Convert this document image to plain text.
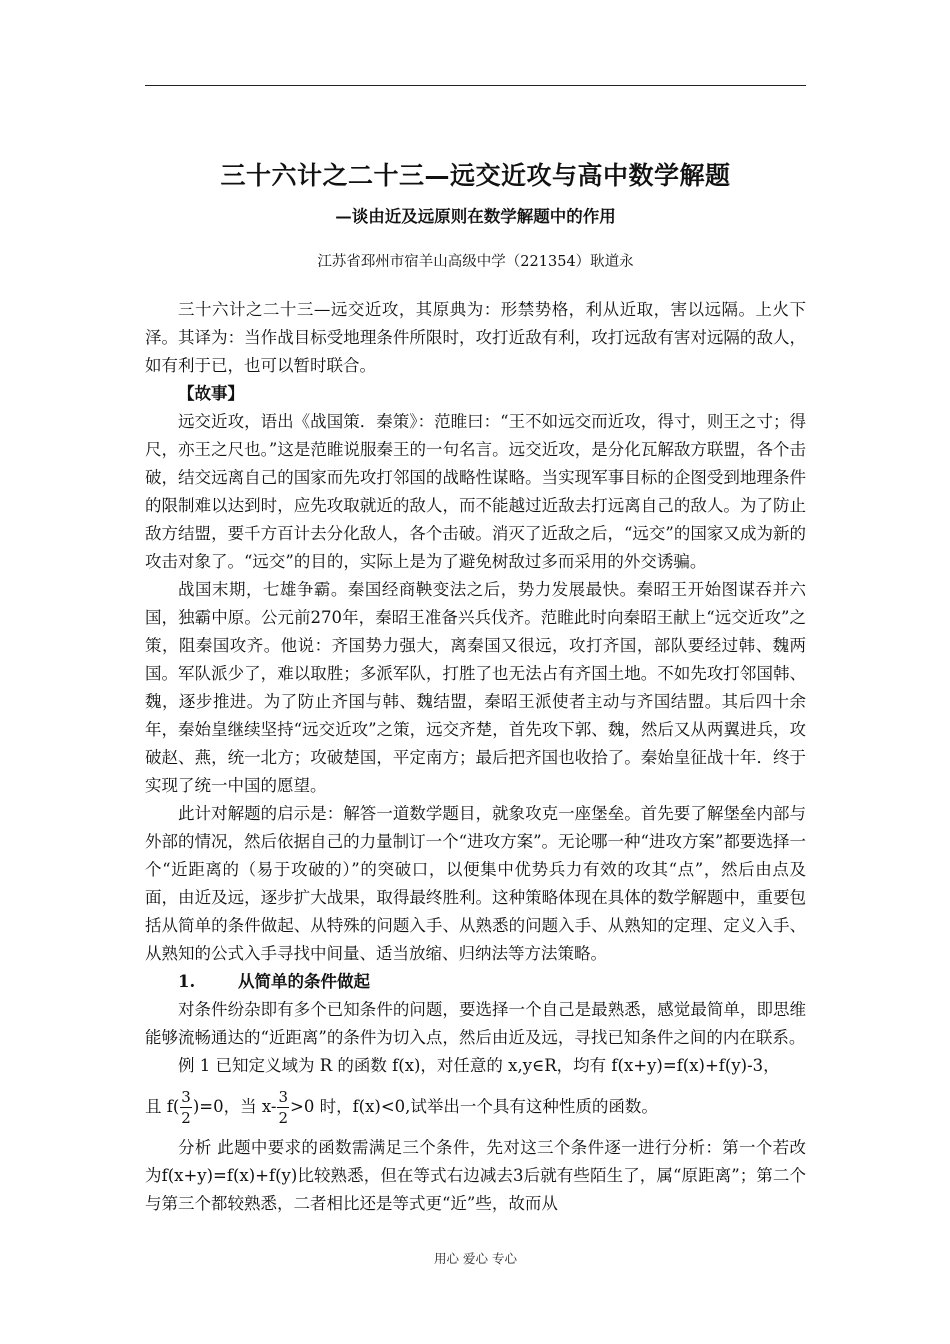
三十六计之二十三—远交近攻与高中数学解题
—谈由近及远原则在数学解题中的作用
江苏省邳州市宿羊山高级中学（221354）耿道永

三十六计之二十三—远交近攻，其原典为：形禁势格，利从近取，害以远隔。上火下泽。其译为：当作战目标受地理条件所限时，攻打近敌有利，攻打远敌有害对远隔的敌人，如有利于已，也可以暂时联合。

【故事】

远交近攻，语出《战国策．秦策》：范睢曰：“王不如远交而近攻，得寸，则王之寸；得尺，亦王之尺也。”这是范睢说服秦王的一句名言。远交近攻，是分化瓦解敌方联盟，各个击破，结交远离自己的国家而先攻打邻国的战略性谋略。当实现军事目标的企图受到地理条件的限制难以达到时，应先攻取就近的敌人，而不能越过近敌去打远离自己的敌人。为了防止敌方结盟，要千方百计去分化敌人，各个击破。消灭了近敌之后，“远交”的国家又成为新的攻击对象了。“远交”的目的，实际上是为了避免树敌过多而采用的外交诱骗。

战国末期，七雄争霸。秦国经商鞅变法之后，势力发展最快。秦昭王开始图谋吞并六国，独霸中原。公元前270年，秦昭王准备兴兵伐齐。范睢此时向秦昭王献上“远交近攻”之策，阻秦国攻齐。他说：齐国势力强大，离秦国又很远，攻打齐国，部队要经过韩、魏两国。军队派少了，难以取胜；多派军队，打胜了也无法占有齐国土地。不如先攻打邻国韩、魏，逐步推进。为了防止齐国与韩、魏结盟，秦昭王派使者主动与齐国结盟。其后四十余年，秦始皇继续坚持“远交近攻”之策，远交齐楚，首先攻下郭、魏，然后又从两翼进兵，攻破赵、燕，统一北方；攻破楚国，平定南方；最后把齐国也收拾了。秦始皇征战十年．终于实现了统一中国的愿望。

此计对解题的启示是：解答一道数学题目，就象攻克一座堡垒。首先要了解堡垒内部与外部的情况，然后依据自己的力量制订一个“进攻方案”。无论哪一种“进攻方案”都要选择一个“近距离的（易于攻破的）”的突破口，以便集中优势兵力有效的攻其“点”，然后由点及面，由近及远，逐步扩大战果，取得最终胜利。这种策略体现在具体的数学解题中，重要包括从简单的条件做起、从特殊的问题入手、从熟悉的问题入手、从熟知的定理、定义入手、从熟知的公式入手寻找中间量、适当放缩、归纳法等方法策略。

1.	从简单的条件做起

对条件纷杂即有多个已知条件的问题，要选择一个自己是最熟悉，感觉最简单，即思维能够流畅通达的“近距离”的条件为切入点，然后由近及远，寻找已知条件之间的内在联系。

例 1 已知定义域为 R 的函数 f(x)，对任意的 x,y∈R，均有 f(x+y)=f(x)+f(y)-3，

且 $f( \frac{3}{2} )=0$，当 $x- \frac{3}{2} >0$ 时，f(x)<0,试举出一个具有这种性质的函数。

分析 此题中要求的函数需满足三个条件，先对这三个条件逐一进行分析：第一个若改为f(x+y)=f(x)+f(y)比较熟悉，但在等式右边减去3后就有些陌生了，属“原距离”；第二个与第三个都较熟悉，二者相比还是等式更“近”些，故而从

用心 爱心 专心
